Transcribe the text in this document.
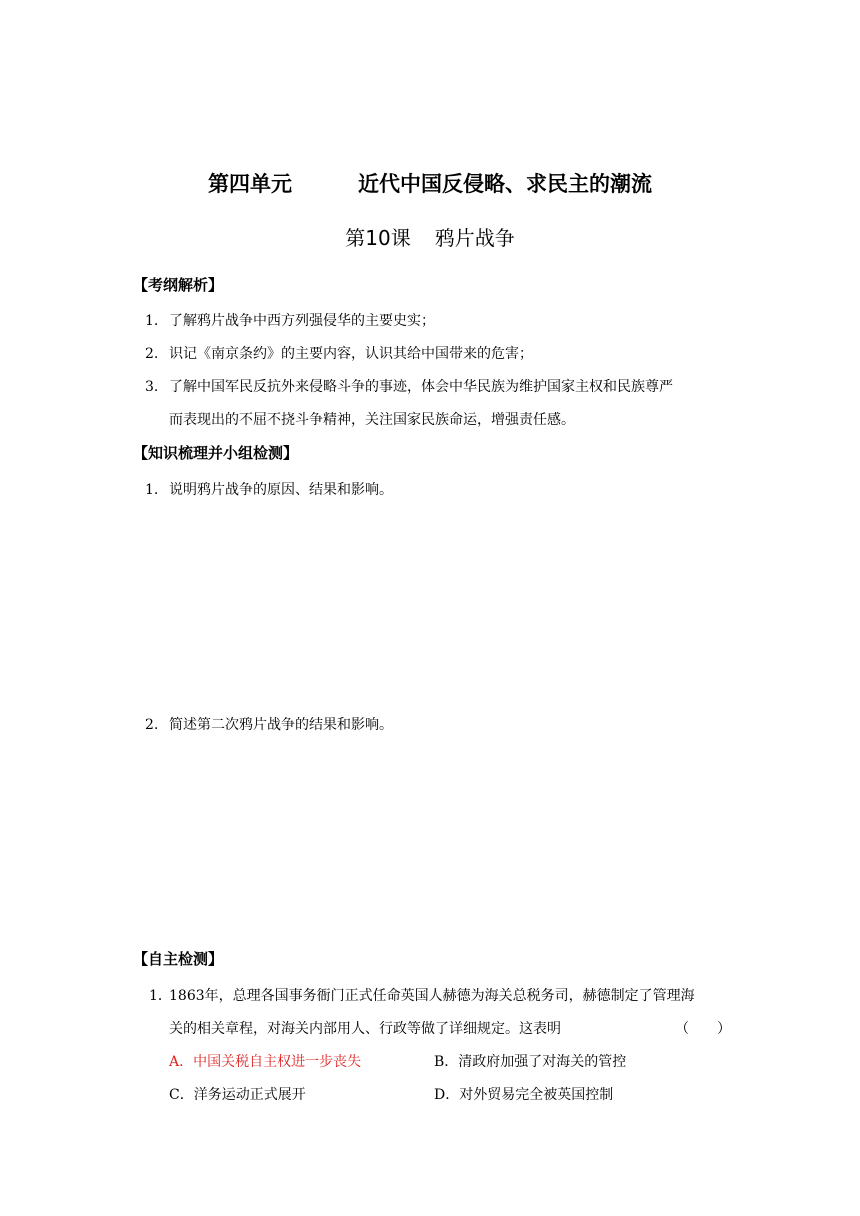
第四单元	近代中国反侵略、求民主的潮流
第10课 鸦片战争
【考纲解析】
1. 了解鸦片战争中西方列强侵华的主要史实；
2. 识记《南京条约》的主要内容，认识其给中国带来的危害；
3. 了解中国军民反抗外来侵略斗争的事迹，体会中华民族为维护国家主权和民族尊严
而表现出的不屈不挠斗争精神，关注国家民族命运，增强责任感。
【知识梳理并小组检测】
1. 说明鸦片战争的原因、结果和影响。
2. 简述第二次鸦片战争的结果和影响。
【自主检测】
1．1863年，总理各国事务衙门正式任命英国人赫德为海关总税务司，赫德制定了管理海
关的相关章程，对海关内部用人、行政等做了详细规定。这表明	（　　）
A．中国关税自主权进一步丧失	B．清政府加强了对海关的管控
C．洋务运动正式展开	D．对外贸易完全被英国控制
